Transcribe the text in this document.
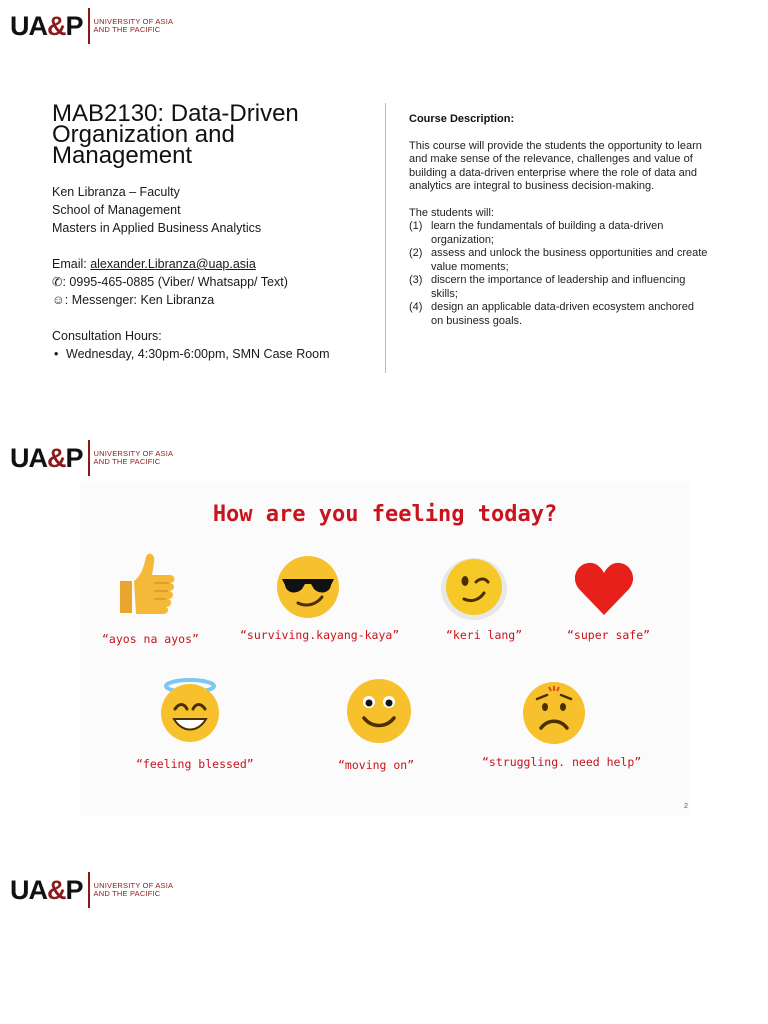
UA&P UNIVERSITY OF ASIA
AND THE PACIFIC
MAB2130: Data-Driven Organization and Management

Ken Libranza – Faculty

School of Management

Masters in Applied Business Analytics

Email: alexander.Libranza@uap.asia

✆: 0995-465-0885 (Viber/ Whatsapp/ Text)

☺: Messenger: Ken Libranza

Consultation Hours:

• Wednesday, 4:30pm-6:00pm, SMN Case Room
Course Description:

This course will provide the students the opportunity to learn and make sense of the relevance, challenges and value of building a data-driven enterprise where the role of data and analytics are integral to business decision-making.

The students will:

(1) learn the fundamentals of building a data-driven organization;
(2) assess and unlock the business opportunities and create value moments;
(3) discern the importance of leadership and influencing skills;
(4) design an applicable data-driven ecosystem anchored on business goals.
UA&P UNIVERSITY OF ASIA
AND THE PACIFIC
How are you feeling today?
“ayos na ayos”	“surviving.kayang-kaya”	“keri lang”	“super safe”
“feeling blessed”	“moving on”	“struggling. need help”
2
UA&P UNIVERSITY OF ASIA
AND THE PACIFIC
